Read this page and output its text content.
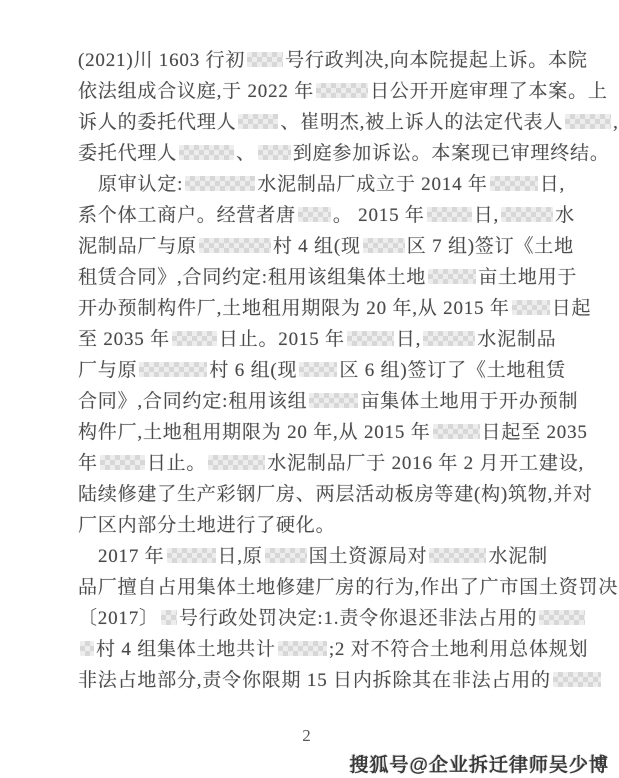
(2021)川 1603 行初 号行政判决,向本院提起上诉。本院
依法组成合议庭,于 2022 年	日公开开庭审理了本案。上
诉人的委托代理人 、崔明杰,被上诉人的法定代表人	,
委托代理人	、 到庭参加诉讼。本案现已审理终结。
原审认定:	水泥制品厂成立于 2014 年	日,
系个体工商户。经营者唐 。 2015 年	日,	水
泥制品厂与原	村 4 组(现 区 7 组)签订《土地
租赁合同》,合同约定:租用该组集体土地	亩土地用于
开办预制构件厂,土地租用期限为 20 年,从 2015 年 日起
至 2035 年	日止。2015 年	日,	水泥制品
厂与原	村 6 组(现 区 6 组)签订了《土地租赁
合同》,合同约定:租用该组	亩集体土地用于开办预制
构件厂,土地租用期限为 20 年,从 2015 年	日起至 2035
年	日止。	水泥制品厂于 2016 年 2 月开工建设,
陆续修建了生产彩钢厂房、两层活动板房等建(构)筑物,并对
厂区内部分土地进行了硬化。
2017 年	日,原 国土资源局对	水泥制
品厂擅自占用集体土地修建厂房的行为,作出了广市国土资罚决
〔2017〕 号行政处罚决定:1.责令你退还非法占用的
村 4 组集体土地共计	;2 对不符合土地利用总体规划
非法占地部分,责令你限期 15 日内拆除其在非法占用的
2
搜狐号@企业拆迁律师吴少博
